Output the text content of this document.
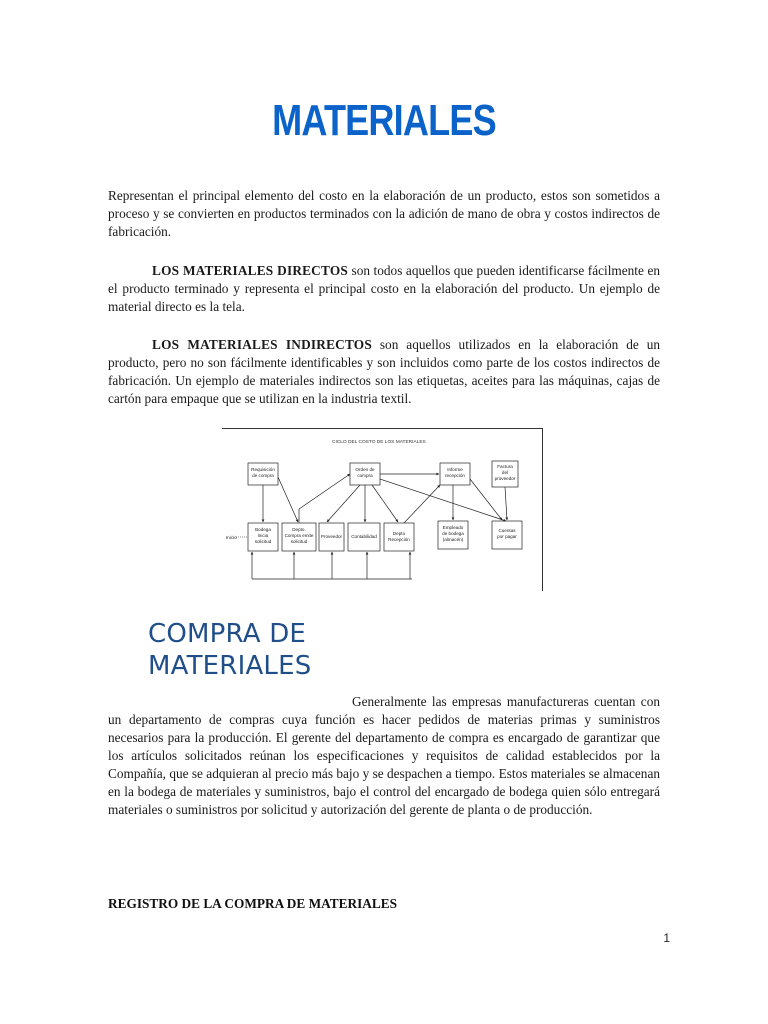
MATERIALES

Representan el principal elemento del costo en la elaboración de un producto, estos son sometidos a proceso y se convierten en productos terminados con la adición de mano de obra y costos indirectos de fabricación.

LOS MATERIALES DIRECTOS son todos aquellos que pueden identificarse fácilmente en el producto terminado y representa el principal costo en la elaboración del producto. Un ejemplo de material directo es la tela.

LOS MATERIALES INDIRECTOS son aquellos utilizados en la elaboración de un producto, pero no son fácilmente identificables y son incluidos como parte de los costos indirectos de fabricación. Un ejemplo de materiales indirectos son las etiquetas, aceites para las máquinas, cajas de cartón para empaque que se utilizan en la industria textil.

CICLO DEL COSTO DE LOS MATERIALES
Requisición
de compra
Orden de
compra
Informe
recepción
Factura
del
proveedor
Inicio
Bodega
inicia
solicitud
Depto.
Compra emite
solicitud
Proveedor Contabilidad
Depto
Recepción
Empleado
de bodega
(almacén)
Cuentas
por pagar
COMPRA DE
MATERIALES

Generalmente las empresas manufactureras cuentan con un departamento de compras cuya función es hacer pedidos de materias primas y suministros necesarios para la producción. El gerente del departamento de compra es encargado de garantizar que los artículos solicitados reúnan los especificaciones y requisitos de calidad establecidos por la Compañía, que se adquieran al precio más bajo y se despachen a tiempo. Estos materiales se almacenan en la bodega de materiales y suministros, bajo el control del encargado de bodega quien sólo entregará materiales o suministros por solicitud y autorización del gerente de planta o de producción.

REGISTRO DE LA COMPRA DE MATERIALES
1
